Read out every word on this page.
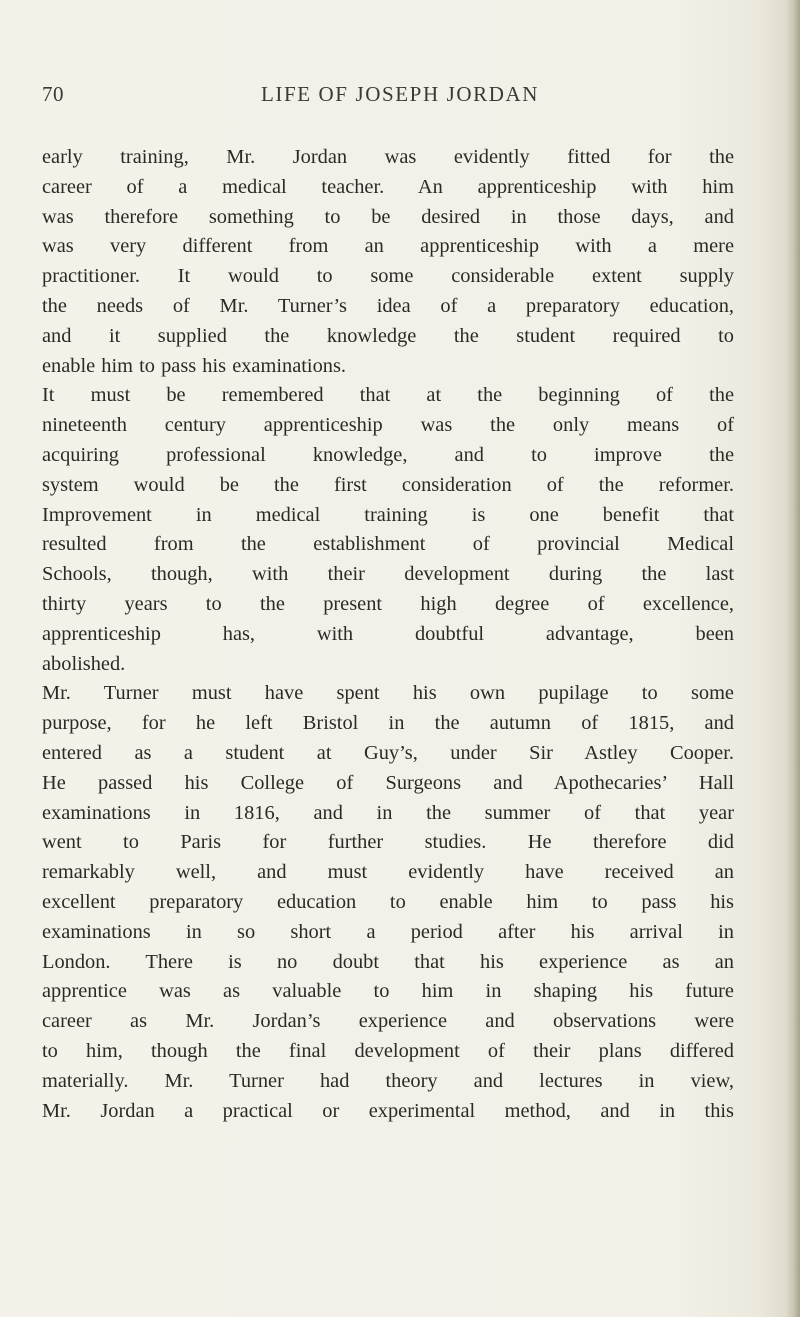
70	LIFE OF JOSEPH JORDAN
early training, Mr. Jordan was evidently fitted for the
career of a medical teacher. An apprenticeship with him
was therefore something to be desired in those days, and
was very different from an apprenticeship with a mere
practitioner. It would to some considerable extent supply
the needs of Mr. Turner’s idea of a preparatory education,
and it supplied the knowledge the student required to
enable him to pass his examinations.
It must be remembered that at the beginning of the
nineteenth century apprenticeship was the only means of
acquiring professional knowledge, and to improve the
system would be the first consideration of the reformer.
Improvement in medical training is one benefit that
resulted from the establishment of provincial Medical
Schools, though, with their development during the last
thirty years to the present high degree of excellence,
apprenticeship has, with doubtful advantage, been
abolished.
Mr. Turner must have spent his own pupilage to some
purpose, for he left Bristol in the autumn of 1815, and
entered as a student at Guy’s, under Sir Astley Cooper.
He passed his College of Surgeons and Apothecaries’ Hall
examinations in 1816, and in the summer of that year
went to Paris for further studies. He therefore did
remarkably well, and must evidently have received an
excellent preparatory education to enable him to pass his
examinations in so short a period after his arrival in
London. There is no doubt that his experience as an
apprentice was as valuable to him in shaping his future
career as Mr. Jordan’s experience and observations were
to him, though the final development of their plans differed
materially. Mr. Turner had theory and lectures in view,
Mr. Jordan a practical or experimental method, and in this
